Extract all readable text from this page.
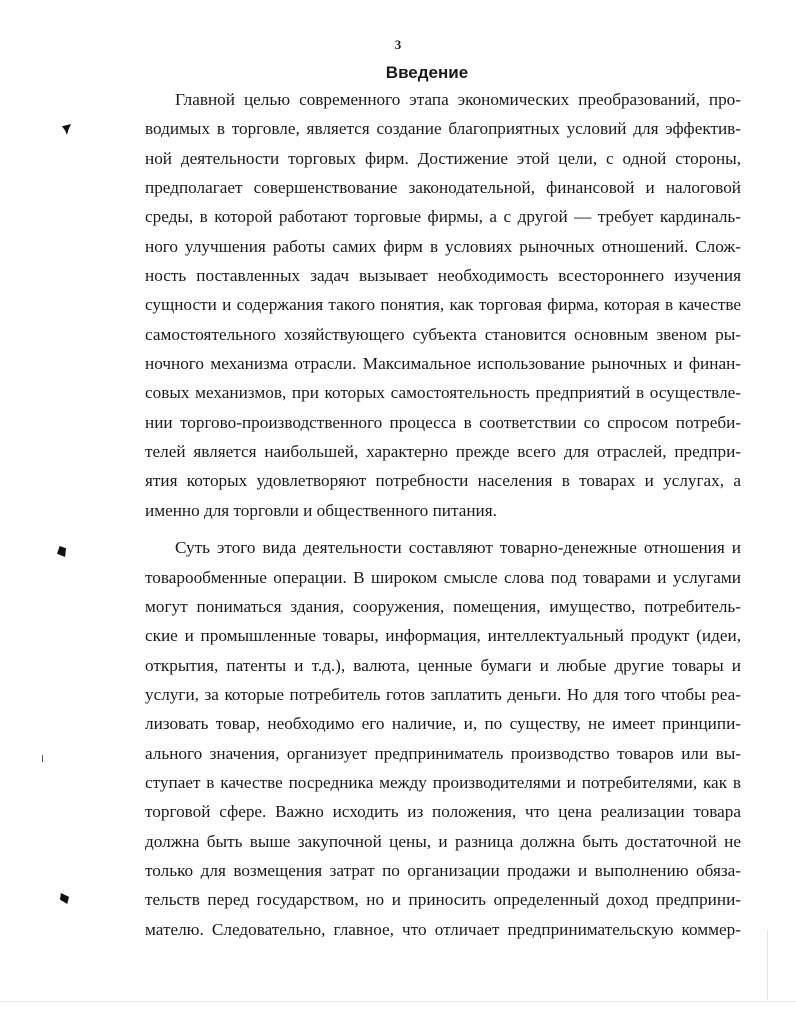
3
Введение
Главной целью современного этапа экономических преобразований, про-
водимых в торговле, является создание благоприятных условий для эффектив-
ной деятельности торговых фирм. Достижение этой цели, с одной стороны,
предполагает совершенствование законодательной, финансовой и налоговой
среды, в которой работают торговые фирмы, а с другой — требует кардиналь-
ного улучшения работы самих фирм в условиях рыночных отношений. Слож-
ность поставленных задач вызывает необходимость всестороннего изучения
сущности и содержания такого понятия, как торговая фирма, которая в качестве
самостоятельного хозяйствующего субъекта становится основным звеном ры-
ночного механизма отрасли. Максимальное использование рыночных и финан-
совых механизмов, при которых самостоятельность предприятий в осуществле-
нии торгово-производственного процесса в соответствии со спросом потреби-
телей является наибольшей, характерно прежде всего для отраслей, предпри-
ятия которых удовлетворяют потребности населения в товарах и услугах, а
именно для торговли и общественного питания.
Суть этого вида деятельности составляют товарно-денежные отношения и
товарообменные операции. В широком смысле слова под товарами и услугами
могут пониматься здания, сооружения, помещения, имущество, потребитель-
ские и промышленные товары, информация, интеллектуальный продукт (идеи,
открытия, патенты и т.д.), валюта, ценные бумаги и любые другие товары и
услуги, за которые потребитель готов заплатить деньги. Но для того чтобы реа-
лизовать товар, необходимо его наличие, и, по существу, не имеет принципи-
ального значения, организует предприниматель производство товаров или вы-
ступает в качестве посредника между производителями и потребителями, как в
торговой сфере. Важно исходить из положения, что цена реализации товара
должна быть выше закупочной цены, и разница должна быть достаточной не
только для возмещения затрат по организации продажи и выполнению обяза-
тельств перед государством, но и приносить определенный доход предприни-
мателю. Следовательно, главное, что отличает предпринимательскую коммер-
